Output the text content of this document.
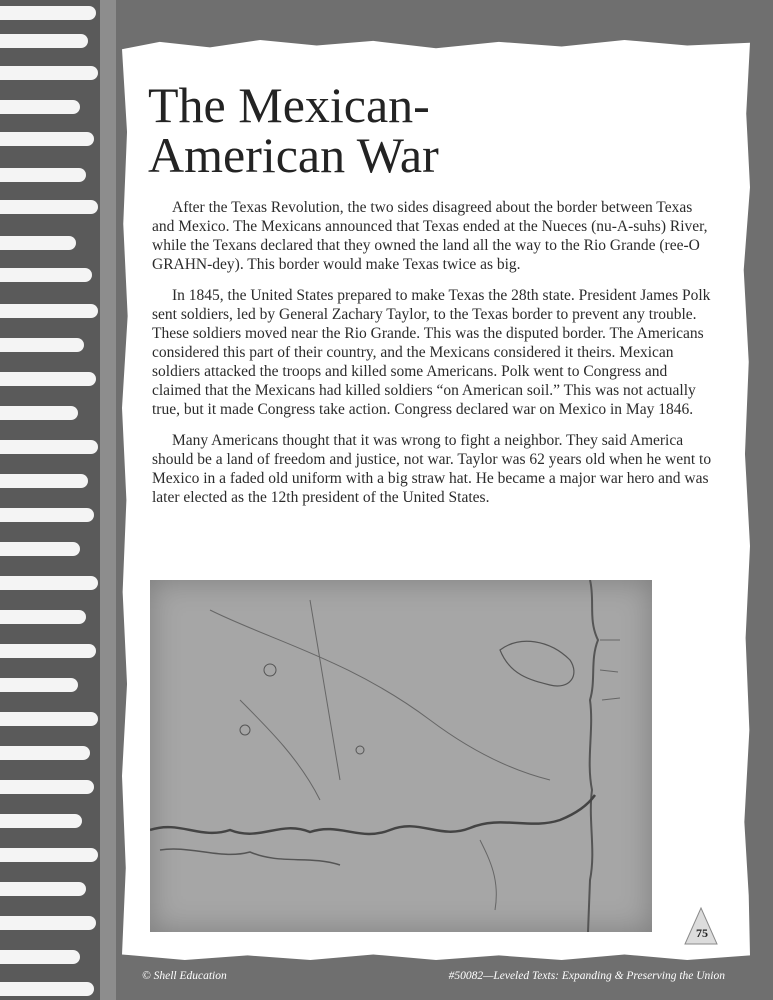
The Mexican-
American War

After the Texas Revolution, the two sides disagreed about the border between Texas and Mexico. The Mexicans announced that Texas ended at the Nueces (nu-A-suhs) River, while the Texans declared that they owned the land all the way to the Rio Grande (ree-O GRAHN-dey). This border would make Texas twice as big.

In 1845, the United States prepared to make Texas the 28th state. President James Polk sent soldiers, led by General Zachary Taylor, to the Texas border to prevent any trouble. These soldiers moved near the Rio Grande. This was the disputed border. The Americans considered this part of their country, and the Mexicans considered it theirs. Mexican soldiers attacked the troops and killed some Americans. Polk went to Congress and claimed that the Mexicans had killed soldiers “on American soil.” This was not actually true, but it made Congress take action. Congress declared war on Mexico in May 1846.

Many Americans thought that it was wrong to fight a neighbor. They said America should be a land of freedom and justice, not war. Taylor was 62 years old when he went to Mexico in a faded old uniform with a big straw hat. He became a major war hero and was later elected as the 12th president of the United States.

75
© Shell Education	#50082—Leveled Texts: Expanding & Preserving the Union
